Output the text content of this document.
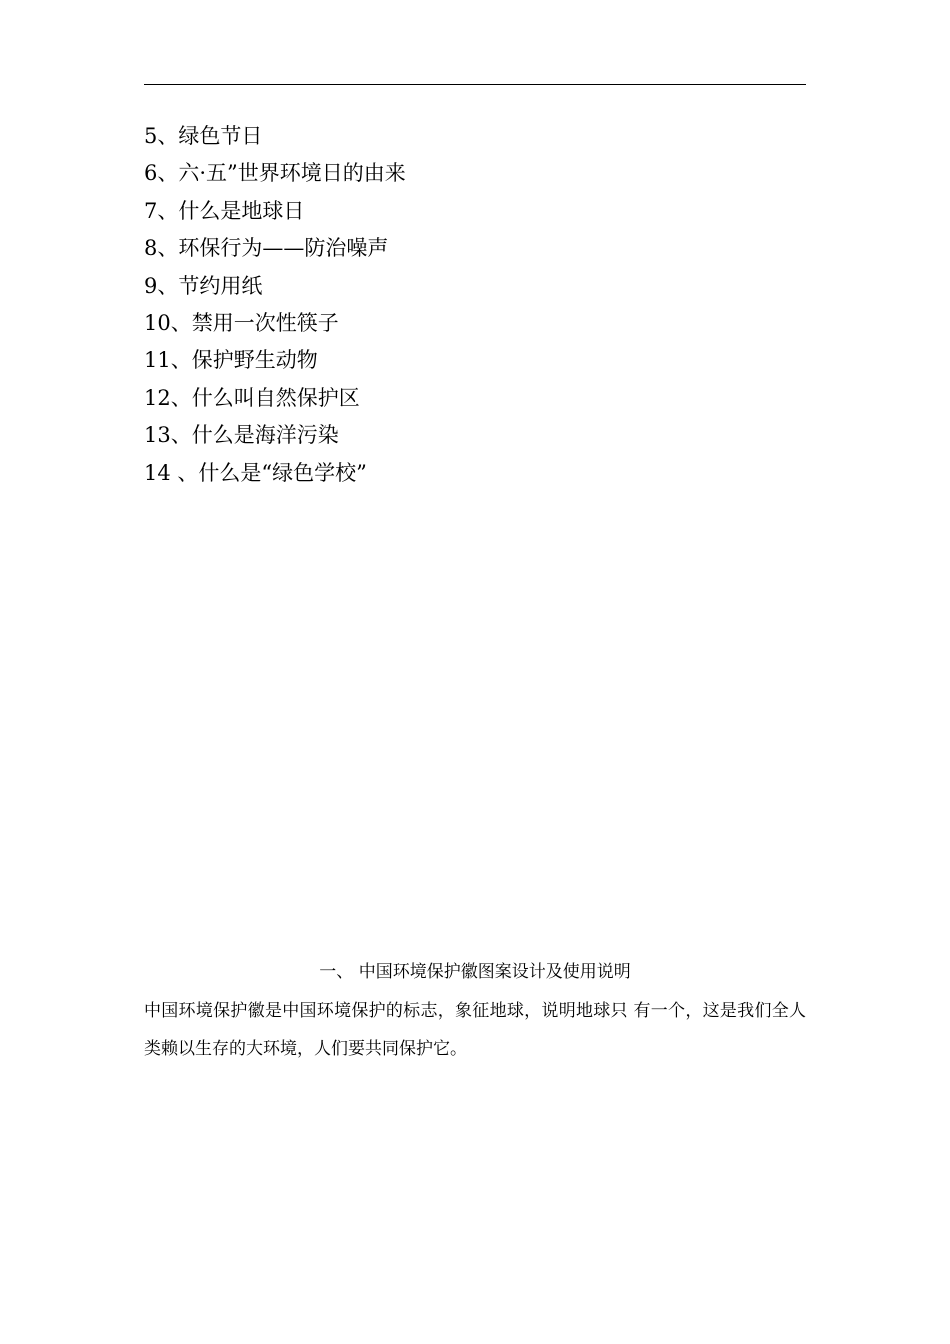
5、绿色节日
6、六·五”世界环境日的由来
7、什么是地球日
8、环保行为——防治噪声
9、节约用纸
10、禁用一次性筷子
11、保护野生动物
12、什么叫自然保护区
13、什么是海洋污染
14 、什么是“绿色学校”
一、 中国环境保护徽图案设计及使用说明

中国环境保护徽是中国环境保护的标志，象征地球，说明地球只 有一个，这是我们全人类赖以生存的大环境，人们要共同保护它。
